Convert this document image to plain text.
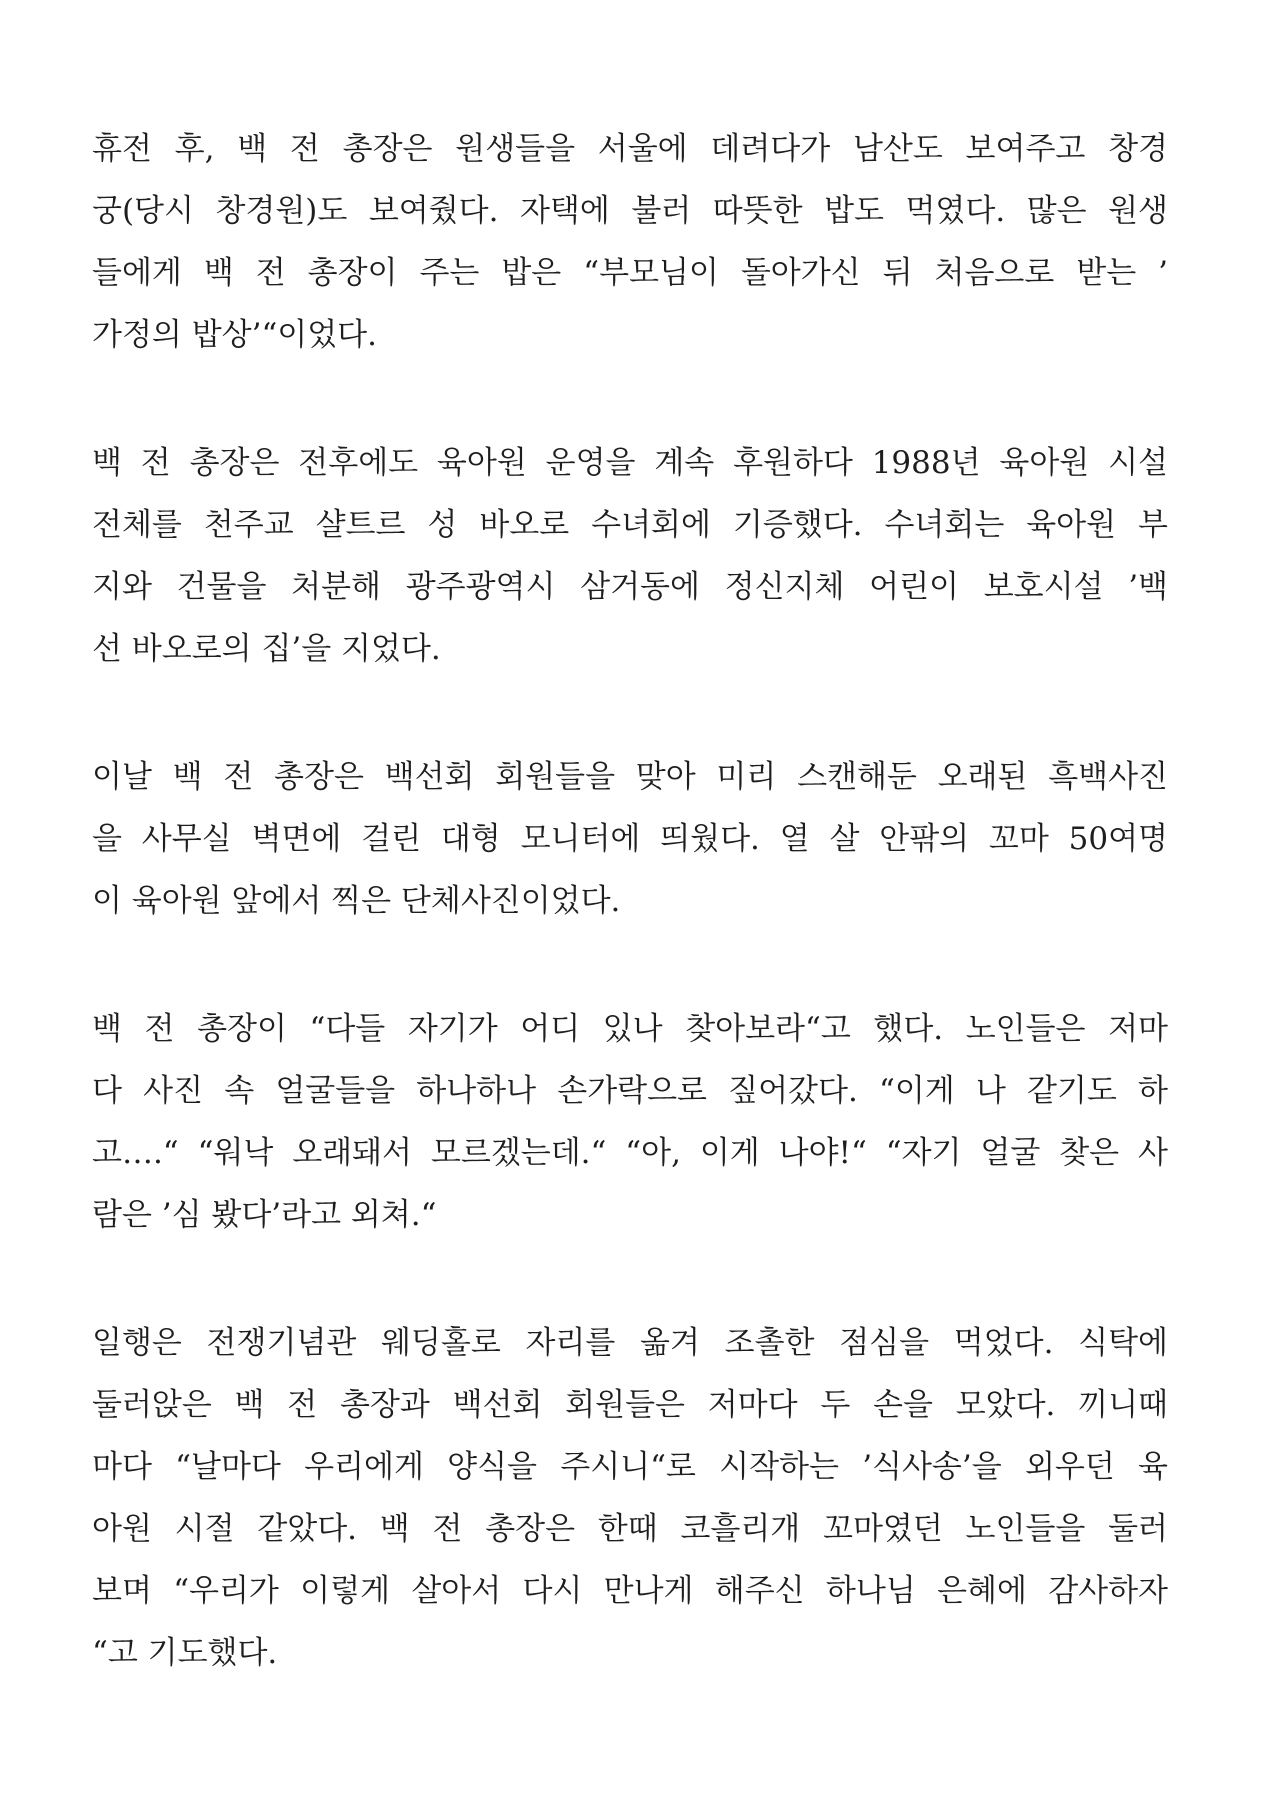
휴전 후, 백 전 총장은 원생들을 서울에 데려다가 남산도 보여주고 창경
궁(당시 창경원)도 보여줬다. 자택에 불러 따뜻한 밥도 먹였다. 많은 원생
들에게 백 전 총장이 주는 밥은 “부모님이 돌아가신 뒤 처음으로 받는 ’
가정의 밥상’“이었다.
백 전 총장은 전후에도 육아원 운영을 계속 후원하다 1988년 육아원 시설
전체를 천주교 샬트르 성 바오로 수녀회에 기증했다. 수녀회는 육아원 부
지와 건물을 처분해 광주광역시 삼거동에 정신지체 어린이 보호시설 ’백
선 바오로의 집’을 지었다.
이날 백 전 총장은 백선회 회원들을 맞아 미리 스캔해둔 오래된 흑백사진
을 사무실 벽면에 걸린 대형 모니터에 띄웠다. 열 살 안팎의 꼬마 50여명
이 육아원 앞에서 찍은 단체사진이었다.
백 전 총장이 “다들 자기가 어디 있나 찾아보라“고 했다. 노인들은 저마
다 사진 속 얼굴들을 하나하나 손가락으로 짚어갔다. “이게 나 같기도 하
고….“ “워낙 오래돼서 모르겠는데.“ “아, 이게 나야!“ “자기 얼굴 찾은 사
람은 ’심 봤다’라고 외쳐.“
일행은 전쟁기념관 웨딩홀로 자리를 옮겨 조촐한 점심을 먹었다. 식탁에
둘러앉은 백 전 총장과 백선회 회원들은 저마다 두 손을 모았다. 끼니때
마다 “날마다 우리에게 양식을 주시니“로 시작하는 ’식사송’을 외우던 육
아원 시절 같았다. 백 전 총장은 한때 코흘리개 꼬마였던 노인들을 둘러
보며 “우리가 이렇게 살아서 다시 만나게 해주신 하나님 은혜에 감사하자
“고 기도했다.
